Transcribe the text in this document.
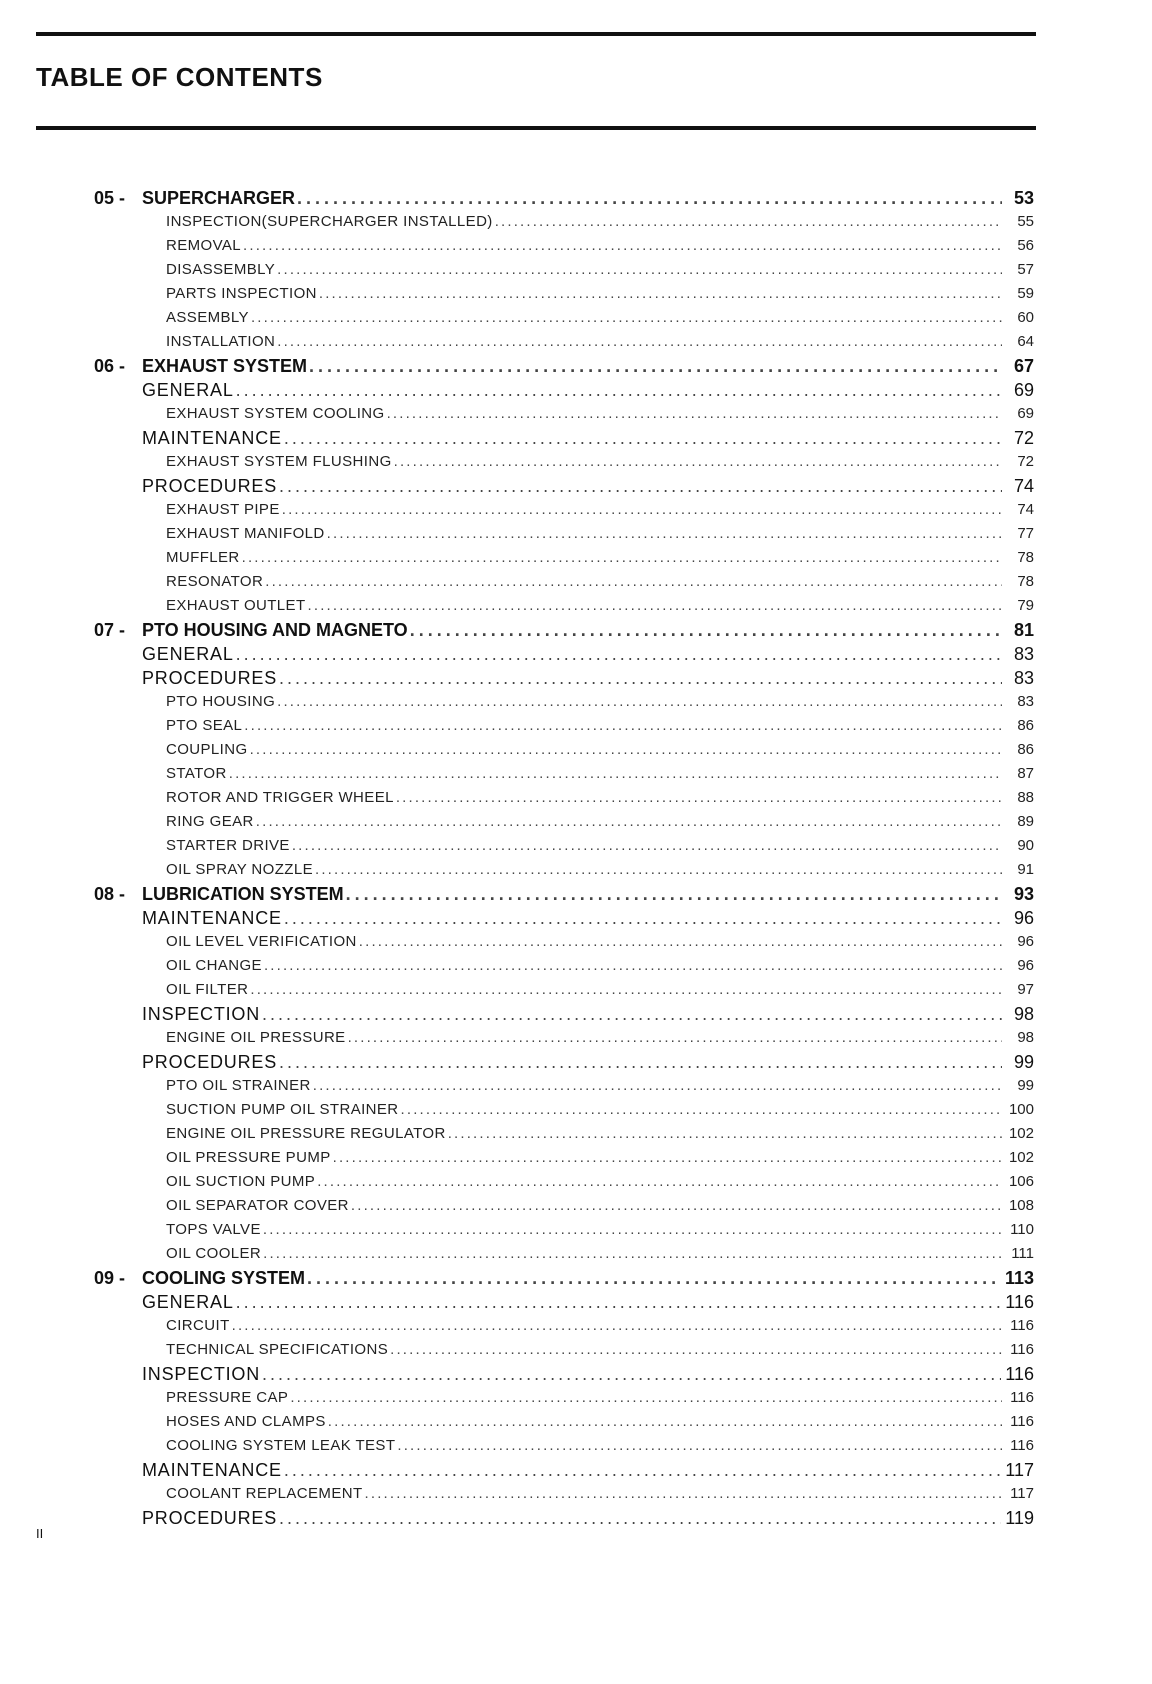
TABLE OF CONTENTS
05 - SUPERCHARGER . . .	53
INSPECTION(SUPERCHARGER INSTALLED) . . .	55
REMOVAL . . .	56
DISASSEMBLY . . .	57
PARTS INSPECTION . . .	59
ASSEMBLY . . .	60
INSTALLATION . . .	64
06 - EXHAUST SYSTEM . . .	67
GENERAL . . .	69
EXHAUST SYSTEM COOLING . . .	69
MAINTENANCE . . .	72
EXHAUST SYSTEM FLUSHING . . .	72
PROCEDURES . . .	74
EXHAUST PIPE . . .	74
EXHAUST MANIFOLD . . .	77
MUFFLER . . .	78
RESONATOR . . .	78
EXHAUST OUTLET . . .	79
07 - PTO HOUSING AND MAGNETO . . .	81
GENERAL . . .	83
PROCEDURES . . .	83
PTO HOUSING . . .	83
PTO SEAL . . .	86
COUPLING . . .	86
STATOR . . .	87
ROTOR AND TRIGGER WHEEL . . .	88
RING GEAR . . .	89
STARTER DRIVE . . .	90
OIL SPRAY NOZZLE . . .	91
08 - LUBRICATION SYSTEM . . .	93
MAINTENANCE . . .	96
OIL LEVEL VERIFICATION . . .	96
OIL CHANGE . . .	96
OIL FILTER . . .	97
INSPECTION . . .	98
ENGINE OIL PRESSURE . . .	98
PROCEDURES . . .	99
PTO OIL STRAINER . . .	99
SUCTION PUMP OIL STRAINER . . .	100
ENGINE OIL PRESSURE REGULATOR . . .	102
OIL PRESSURE PUMP . . .	102
OIL SUCTION PUMP . . .	106
OIL SEPARATOR COVER . . .	108
TOPS VALVE . . .	110
OIL COOLER . . .	111
09 - COOLING SYSTEM . . .	113
GENERAL . . .	116
CIRCUIT . . .	116
TECHNICAL SPECIFICATIONS . . .	116
INSPECTION . . .	116
PRESSURE CAP . . .	116
HOSES AND CLAMPS . . .	116
COOLING SYSTEM LEAK TEST . . .	116
MAINTENANCE . . .	117
COOLANT REPLACEMENT . . .	117
PROCEDURES . . .	119
II
